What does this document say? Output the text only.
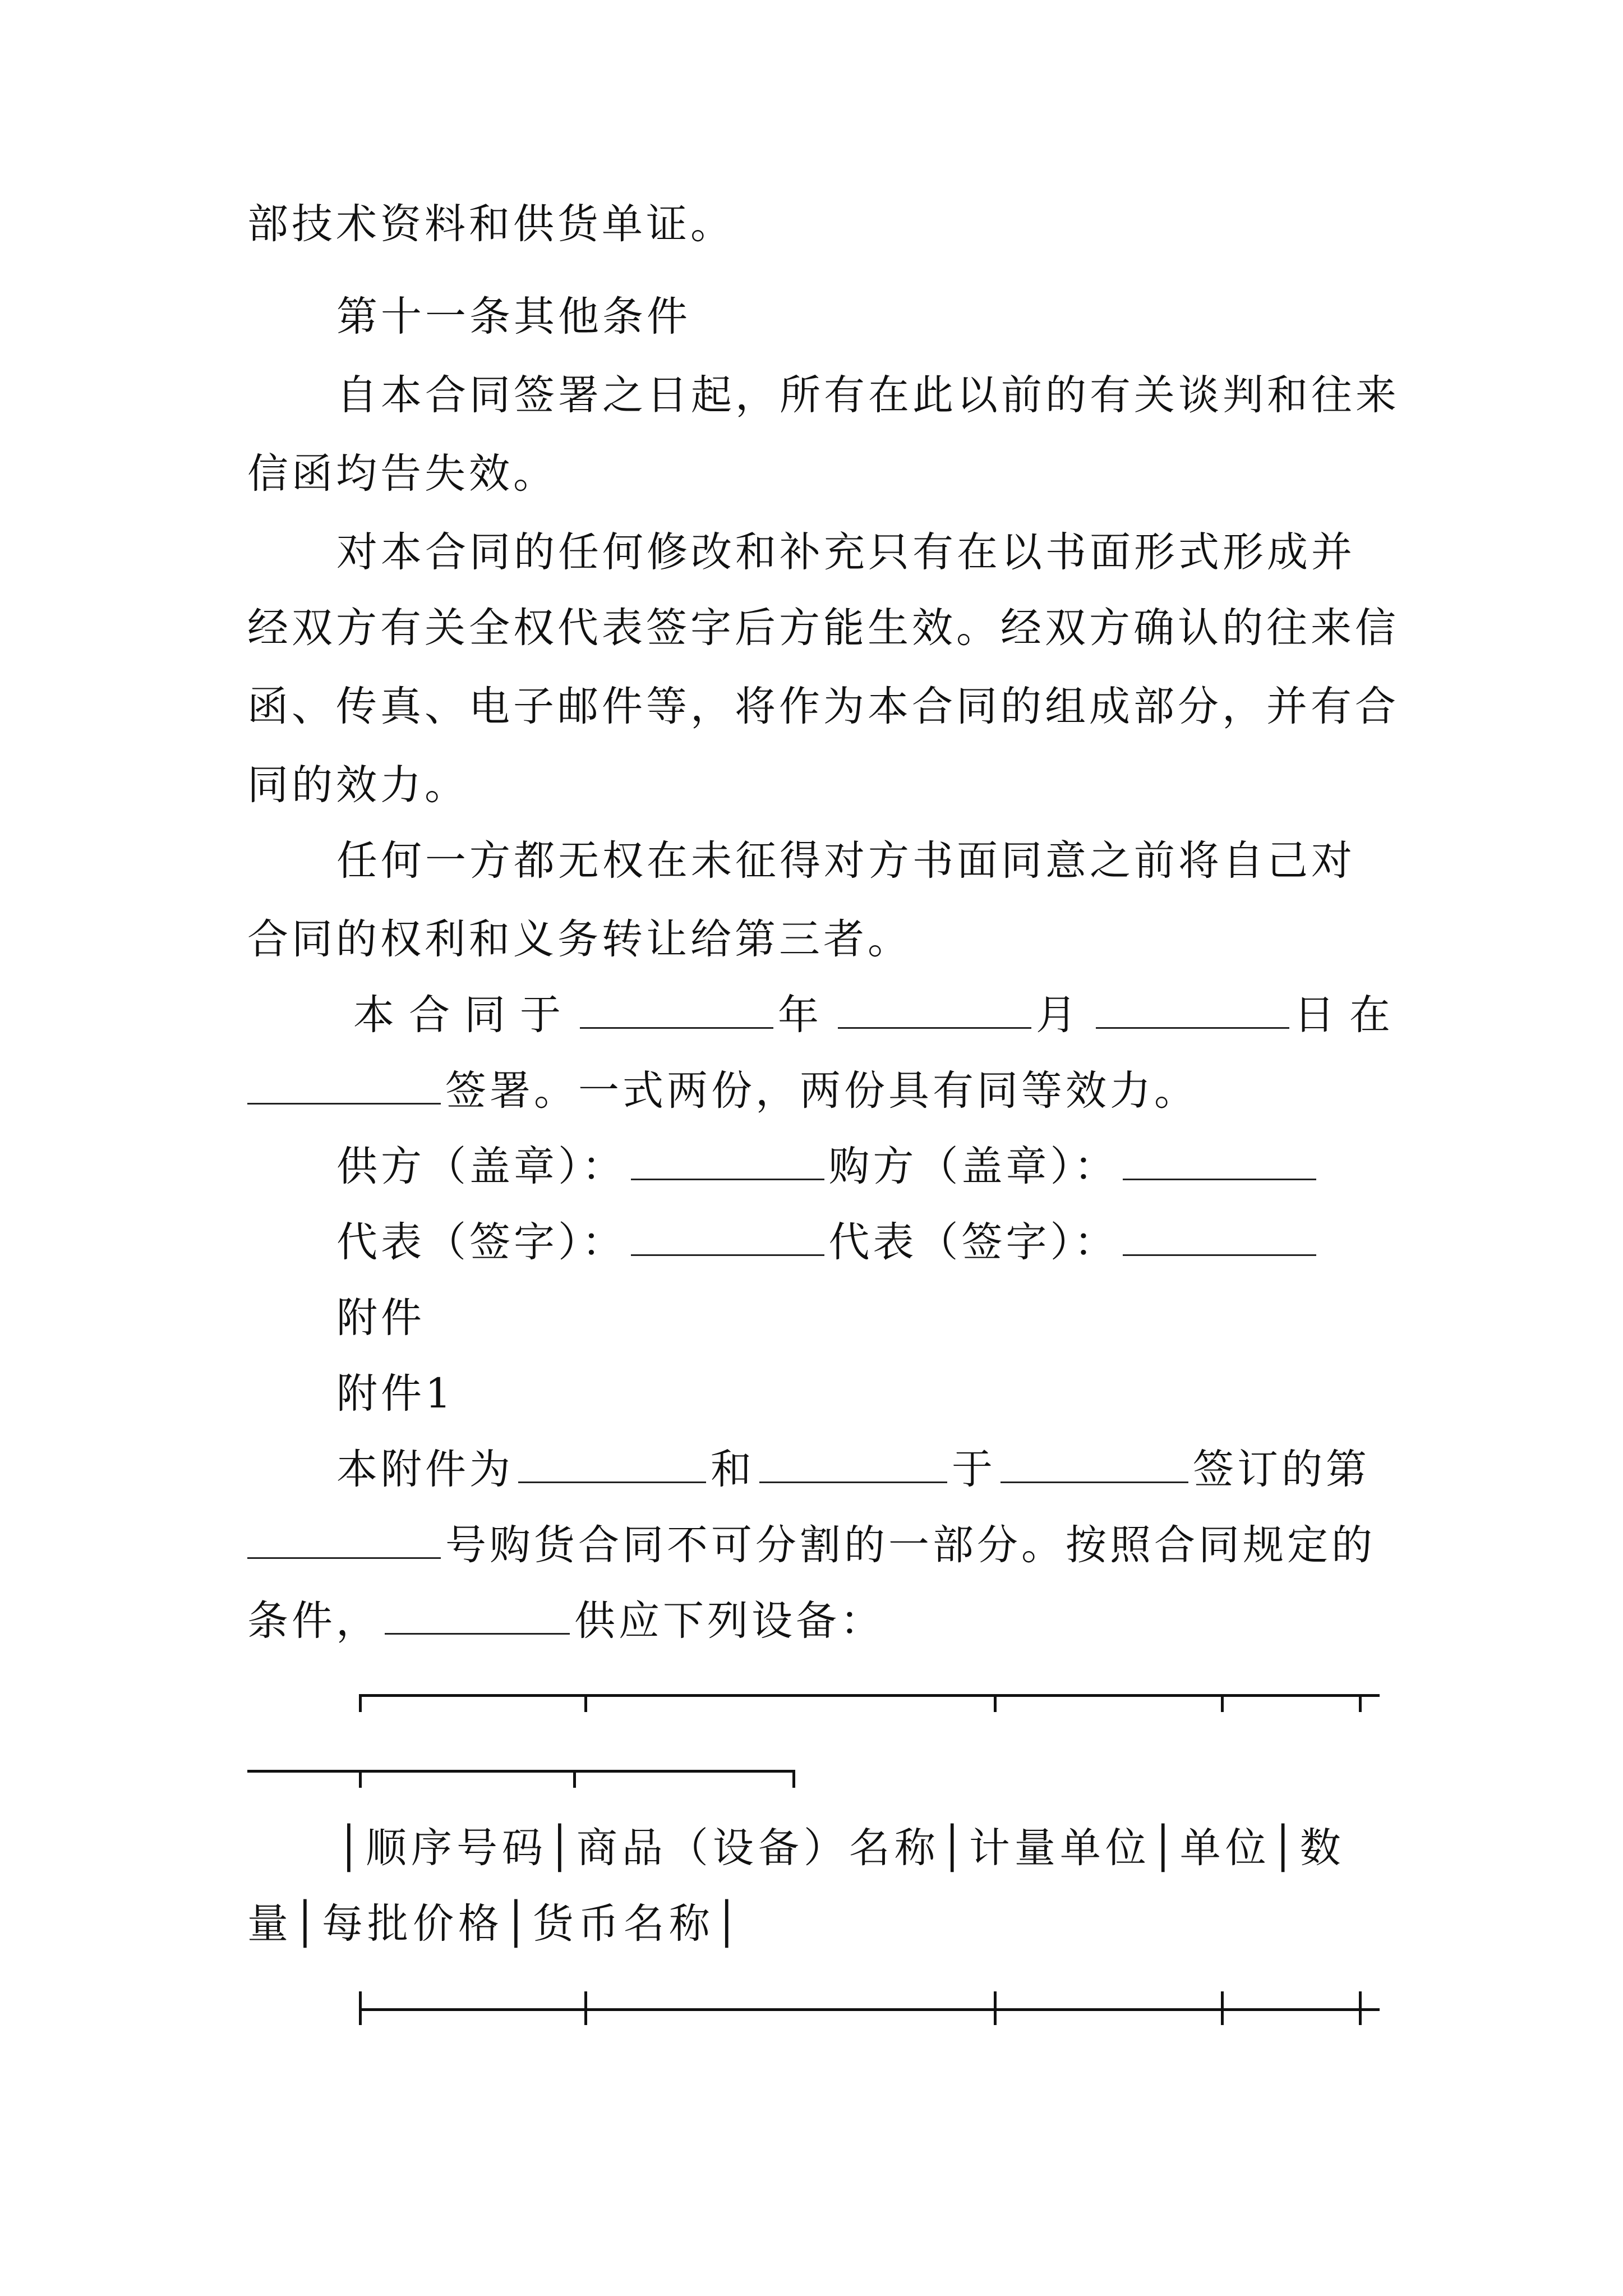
部技术资料和供货单证。
第十一条其他条件
自本合同签署之日起，所有在此以前的有关谈判和往来
信函均告失效。
对本合同的任何修改和补充只有在以书面形式形成并
经双方有关全权代表签字后方能生效。经双方确认的往来信
函、传真、电子邮件等，将作为本合同的组成部分，并有合
同的效力。
任何一方都无权在未征得对方书面同意之前将自己对
合同的权利和义务转让给第三者。
本合同于	年	月	日在
签署。一式两份，两份具有同等效力。
供方（盖章）：	购方（盖章）：
代表（签字）：	代表（签字）：
附件
附件1
本附件为	和	于	签订的第
号购货合同不可分割的一部分。按照合同规定的
条件，	供应下列设备：
│顺序号码│商品（设备）名称│计量单位│单位│数
量│每批价格│货币名称│
